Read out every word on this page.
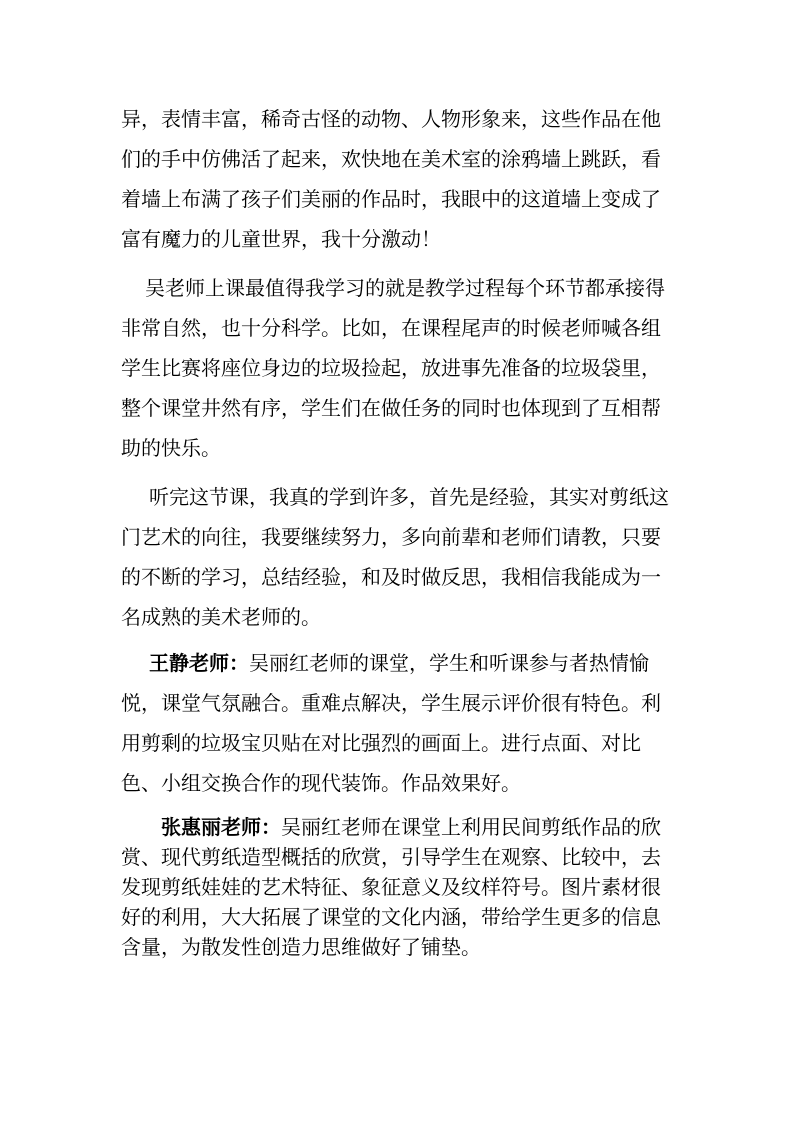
异，表情丰富，稀奇古怪的动物、人物形象来，这些作品在他
们的手中仿佛活了起来，欢快地在美术室的涂鸦墙上跳跃，看
着墙上布满了孩子们美丽的作品时，我眼中的这道墙上变成了
富有魔力的儿童世界，我十分激动！
吴老师上课最值得我学习的就是教学过程每个环节都承接得
非常自然，也十分科学。比如，在课程尾声的时候老师喊各组
学生比赛将座位身边的垃圾捡起，放进事先准备的垃圾袋里，
整个课堂井然有序，学生们在做任务的同时也体现到了互相帮
助的快乐。
听完这节课，我真的学到许多，首先是经验，其实对剪纸这
门艺术的向往，我要继续努力，多向前辈和老师们请教，只要
的不断的学习，总结经验，和及时做反思，我相信我能成为一
名成熟的美术老师的。
王静老师：吴丽红老师的课堂，学生和听课参与者热情愉
悦，课堂气氛融合。重难点解决，学生展示评价很有特色。利
用剪剩的垃圾宝贝贴在对比强烈的画面上。进行点面、对比
色、小组交换合作的现代装饰。作品效果好。
张惠丽老师：吴丽红老师在课堂上利用民间剪纸作品的欣
赏、现代剪纸造型概括的欣赏，引导学生在观察、比较中，去
发现剪纸娃娃的艺术特征、象征意义及纹样符号。图片素材很
好的利用，大大拓展了课堂的文化内涵，带给学生更多的信息
含量，为散发性创造力思维做好了铺垫。
